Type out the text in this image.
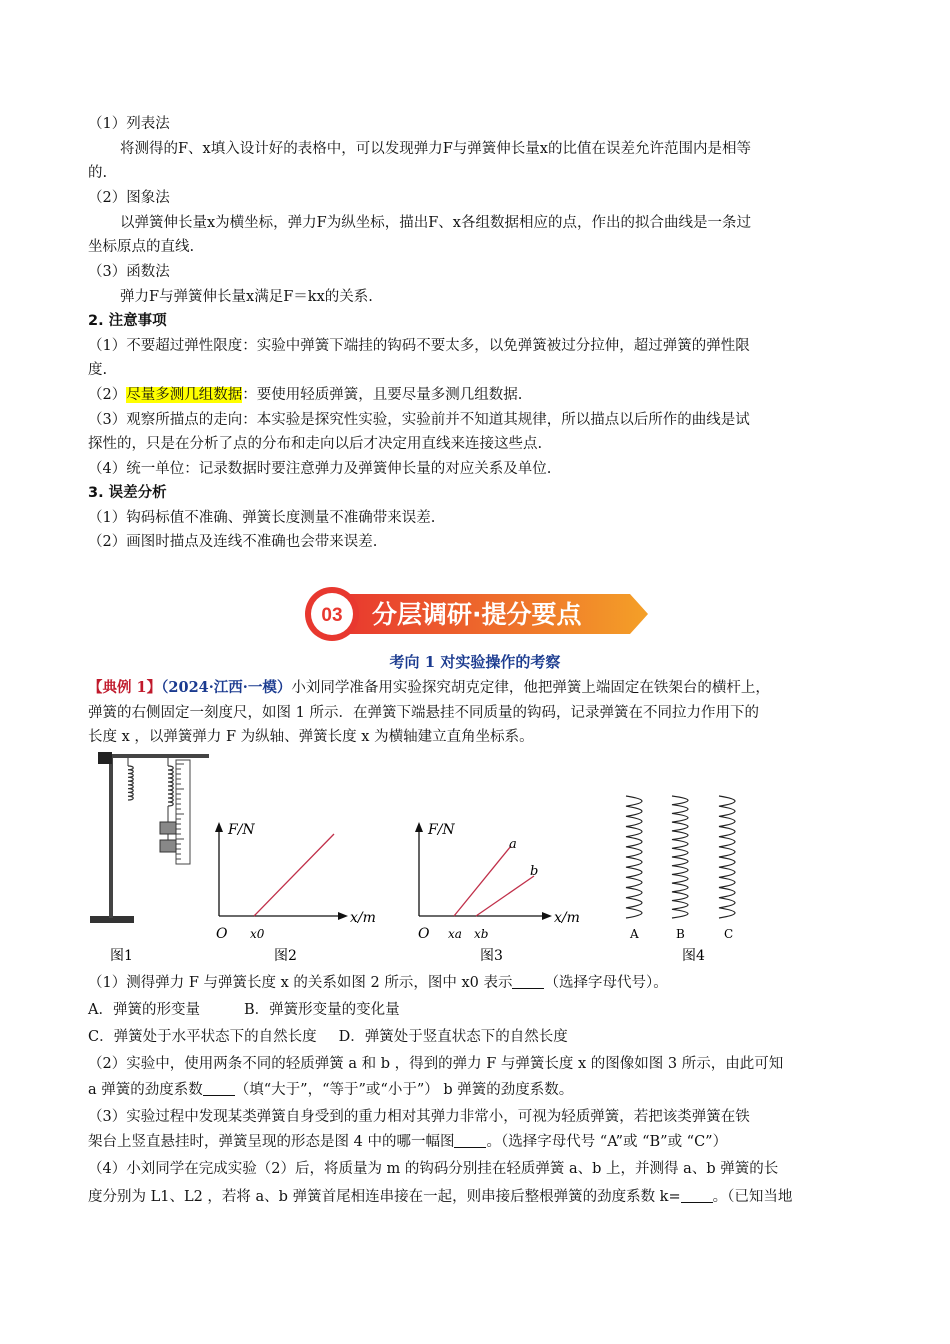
（1）列表法
将测得的F、x填入设计好的表格中，可以发现弹力F与弹簧伸长量x的比值在误差允许范围内是相等
的.
（2）图象法
以弹簧伸长量x为横坐标，弹力F为纵坐标，描出F、x各组数据相应的点，作出的拟合曲线是一条过
坐标原点的直线.
（3）函数法
弹力F与弹簧伸长量x满足F＝kx的关系.
2. 注意事项
（1）不要超过弹性限度：实验中弹簧下端挂的钩码不要太多，以免弹簧被过分拉伸，超过弹簧的弹性限
度.
（2）尽量多测几组数据：要使用轻质弹簧，且要尽量多测几组数据.
（3）观察所描点的走向：本实验是探究性实验，实验前并不知道其规律，所以描点以后所作的曲线是试
探性的，只是在分析了点的分布和走向以后才决定用直线来连接这些点.
（4）统一单位：记录数据时要注意弹力及弹簧伸长量的对应关系及单位.
3. 误差分析
（1）钩码标值不准确、弹簧长度测量不准确带来误差.
（2）画图时描点及连线不准确也会带来误差.
03 分层调研·提分要点
考向 1 对实验操作的考察
【典例 1】（2024·江西·一模）小刘同学准备用实验探究胡克定律，他把弹簧上端固定在铁架台的横杆上，
弹簧的右侧固定一刻度尺，如图 1 所示．在弹簧下端悬挂不同质量的钩码，记录弹簧在不同拉力作用下的
长度 x ，以弹簧弹力 F 为纵轴、弹簧长度 x 为横轴建立直角坐标系。
图1
F/N
x/m
O x0
图2
F/N
x/m
O xa xb
a
b
图3
A	B	C
图4
（1）测得弹力 F 与弹簧长度 x 的关系如图 2 所示，图中 x0 表示 （选择字母代号）。
A．弹簧的形变量	B．弹簧形变量的变化量
C．弹簧处于水平状态下的自然长度 D．弹簧处于竖直状态下的自然长度
（2）实验中，使用两条不同的轻质弹簧 a 和 b ，得到的弹力 F 与弹簧长度 x 的图像如图 3 所示，由此可知
a 弹簧的劲度系数 （填“大于”，“等于”或“小于”） b 弹簧的劲度系数。
（3）实验过程中发现某类弹簧自身受到的重力相对其弹力非常小，可视为轻质弹簧，若把该类弹簧在铁
架台上竖直悬挂时，弹簧呈现的形态是图 4 中的哪一幅图 。（选择字母代号 “A”或 “B”或 “C”）
（4）小刘同学在完成实验（2）后，将质量为 m 的钩码分别挂在轻质弹簧 a、b 上，并测得 a、b 弹簧的长
度分别为 L1、L2 ，若将 a、b 弹簧首尾相连串接在一起，则串接后整根弹簧的劲度系数 k= 。（已知当地
